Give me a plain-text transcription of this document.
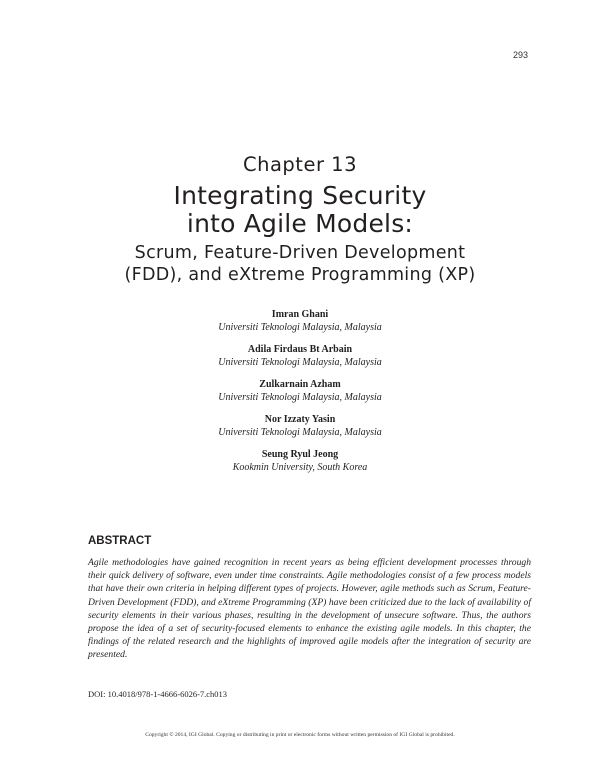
293
Chapter 13
Integrating Security
into Agile Models:
Scrum, Feature-Driven Development
(FDD), and eXtreme Programming (XP)
Imran Ghani
Universiti Teknologi Malaysia, Malaysia
Adila Firdaus Bt Arbain
Universiti Teknologi Malaysia, Malaysia
Zulkarnain Azham
Universiti Teknologi Malaysia, Malaysia
Nor Izzaty Yasin
Universiti Teknologi Malaysia, Malaysia
Seung Ryul Jeong
Kookmin University, South Korea
ABSTRACT

Agile methodologies have gained recognition in recent years as being efficient development processes through their quick delivery of software, even under time constraints. Agile methodologies consist of a few process models that have their own criteria in helping different types of projects. However, agile methods such as Scrum, Feature-Driven Development (FDD), and eXtreme Programming (XP) have been criticized due to the lack of availability of security elements in their various phases, resulting in the development of unsecure software. Thus, the authors propose the idea of a set of security-focused elements to enhance the existing agile models. In this chapter, the findings of the related research and the highlights of improved agile models after the integration of security are presented.

DOI: 10.4018/978-1-4666-6026-7.ch013
Copyright © 2014, IGI Global. Copying or distributing in print or electronic forms without written permission of IGI Global is prohibited.
